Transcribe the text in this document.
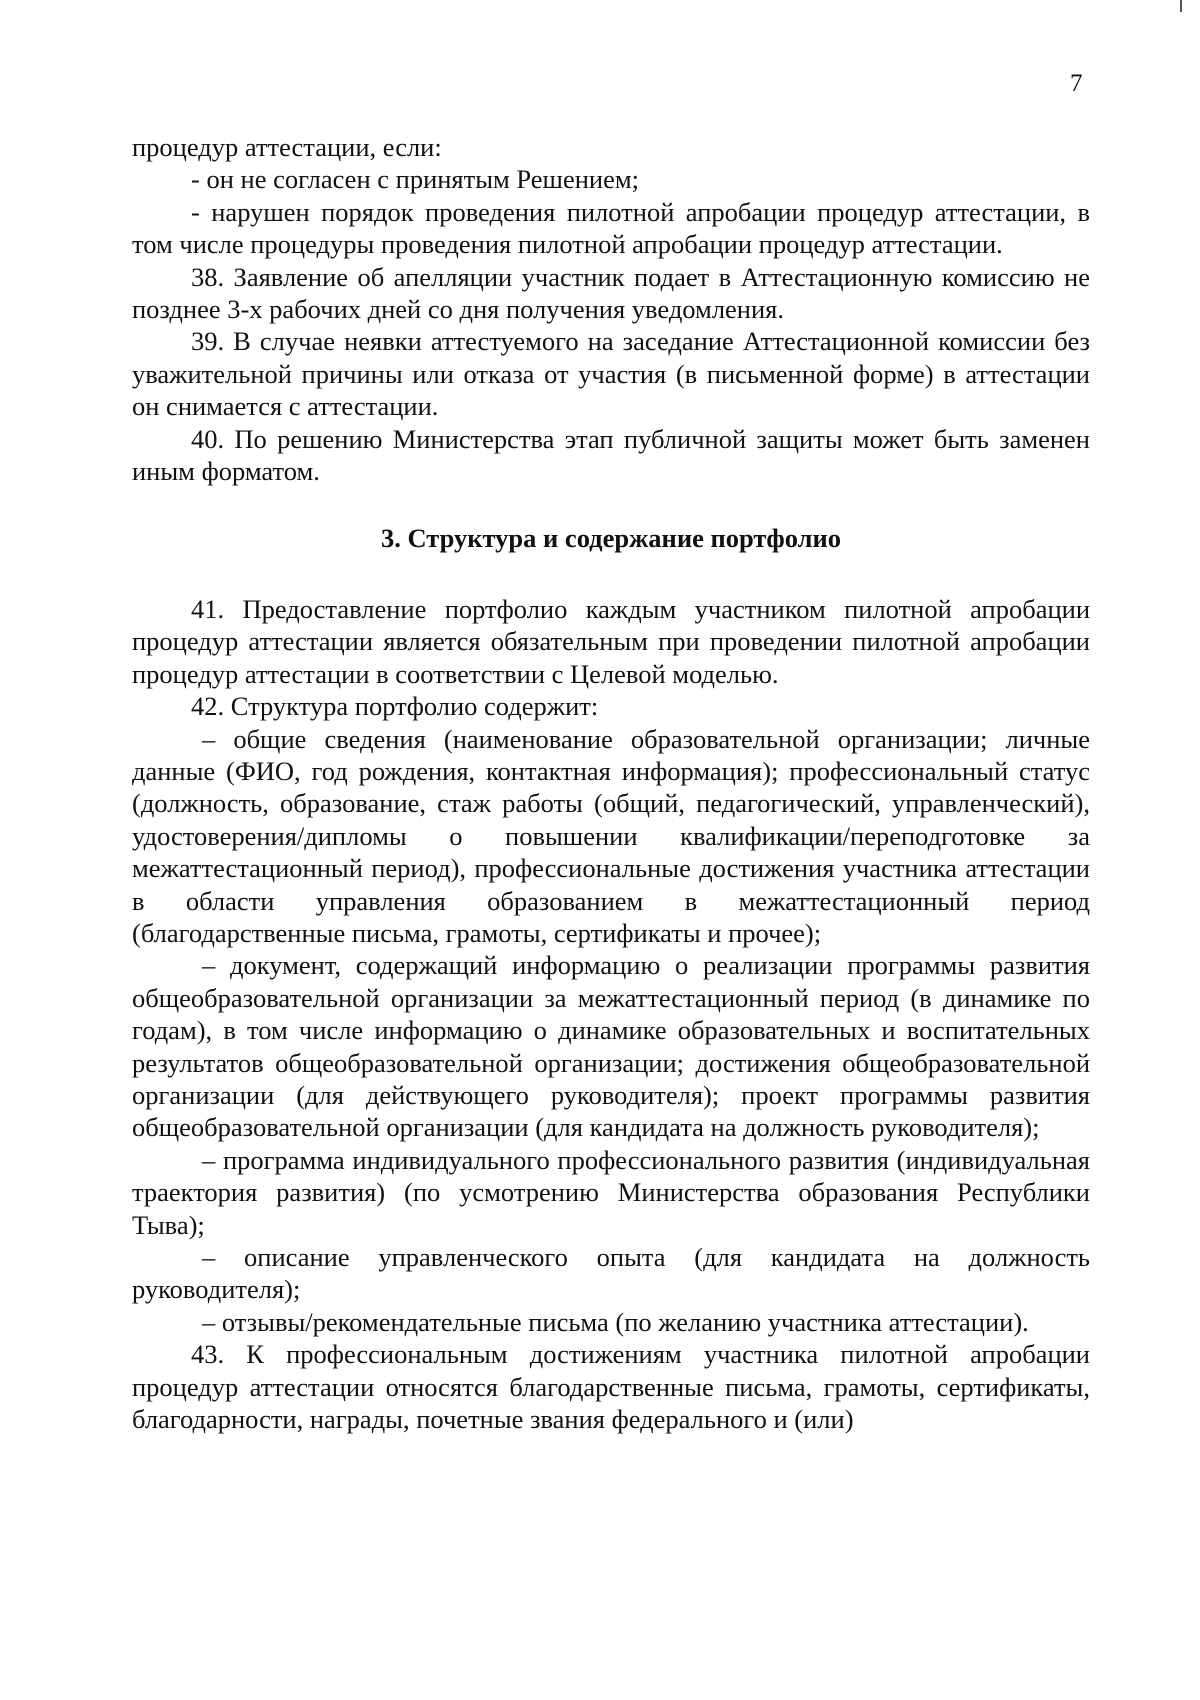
7

процедур аттестации, если:

- он не согласен с принятым Решением;

- нарушен порядок проведения пилотной апробации процедур аттестации, в том числе процедуры проведения пилотной апробации процедур аттестации.

38. Заявление об апелляции участник подает в Аттестационную комиссию не позднее 3-х рабочих дней со дня получения уведомления.

39. В случае неявки аттестуемого на заседание Аттестационной комиссии без уважительной причины или отказа от участия (в письменной форме) в аттестации он снимается с аттестации.

40. По решению Министерства этап публичной защиты может быть заменен иным форматом.

3. Структура и содержание портфолио

41. Предоставление портфолио каждым участником пилотной апробации процедур аттестации является обязательным при проведении пилотной апробации процедур аттестации в соответствии с Целевой моделью.

42. Структура портфолио содержит:

– общие сведения (наименование образовательной организации; личные данные (ФИО, год рождения, контактная информация); профессиональный статус (должность, образование, стаж работы (общий, педагогический, управленческий), удостоверения/дипломы о повышении квалификации/переподготовке за межаттестационный период), профессиональные достижения участника аттестации в области управления образованием в межаттестационный период (благодарственные письма, грамоты, сертификаты и прочее);

– документ, содержащий информацию о реализации программы развития общеобразовательной организации за межаттестационный период (в динамике по годам), в том числе информацию о динамике образовательных и воспитательных результатов общеобразовательной организации; достижения общеобразовательной организации (для действующего руководителя); проект программы развития общеобразовательной организации (для кандидата на должность руководителя);

– программа индивидуального профессионального развития (индивидуальная траектория развития) (по усмотрению Министерства образования Республики Тыва);

– описание управленческого опыта (для кандидата на должность руководителя);

– отзывы/рекомендательные письма (по желанию участника аттестации).

43. К профессиональным достижениям участника пилотной апробации процедур аттестации относятся благодарственные письма, грамоты, сертификаты, благодарности, награды, почетные звания федерального и (или)
